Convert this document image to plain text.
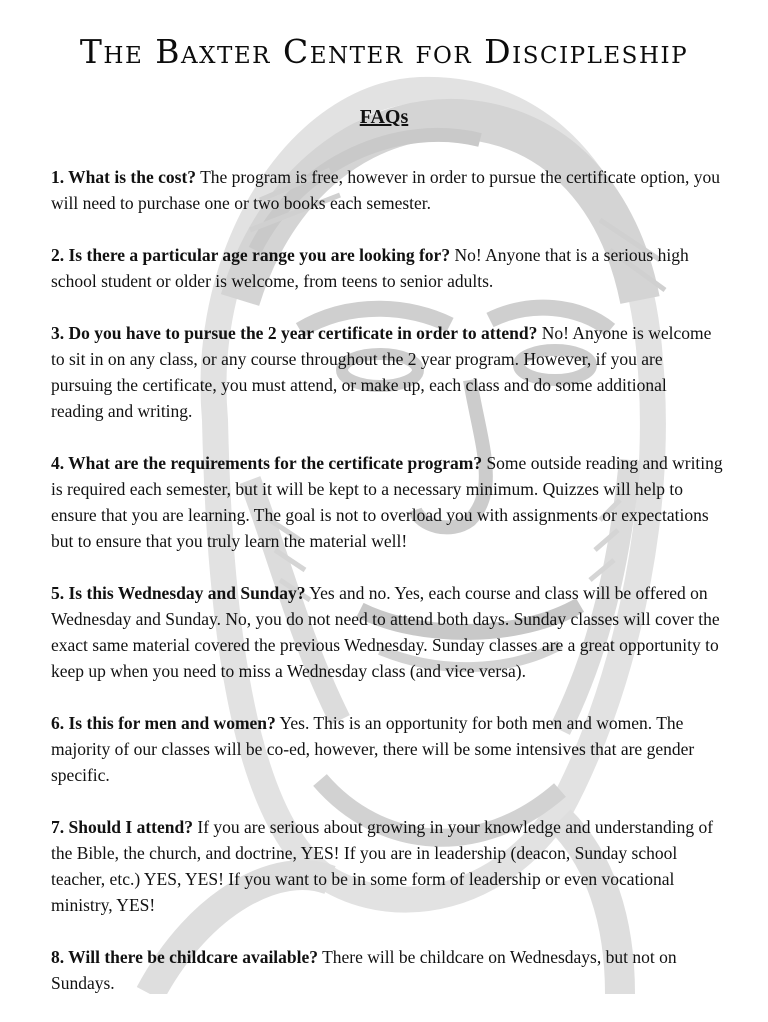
The Baxter Center for Discipleship
FAQs
1. What is the cost? The program is free, however in order to pursue the certificate option, you will need to purchase one or two books each semester.
2. Is there a particular age range you are looking for? No! Anyone that is a serious high school student or older is welcome, from teens to senior adults.
3. Do you have to pursue the 2 year certificate in order to attend? No! Anyone is welcome to sit in on any class, or any course throughout the 2 year program. However, if you are pursuing the certificate, you must attend, or make up, each class and do some additional reading and writing.
4. What are the requirements for the certificate program? Some outside reading and writing is required each semester, but it will be kept to a necessary minimum. Quizzes will help to ensure that you are learning. The goal is not to overload you with assignments or expectations but to ensure that you truly learn the material well!
5. Is this Wednesday and Sunday? Yes and no. Yes, each course and class will be offered on Wednesday and Sunday. No, you do not need to attend both days. Sunday classes will cover the exact same material covered the previous Wednesday. Sunday classes are a great opportunity to keep up when you need to miss a Wednesday class (and vice versa).
6. Is this for men and women? Yes. This is an opportunity for both men and women. The majority of our classes will be co-ed, however, there will be some intensives that are gender specific.
7. Should I attend? If you are serious about growing in your knowledge and understanding of the Bible, the church, and doctrine, YES! If you are in leadership (deacon, Sunday school teacher, etc.) YES, YES! If you want to be in some form of leadership or even vocational ministry, YES!
8. Will there be childcare available? There will be childcare on Wednesdays, but not on Sundays.
